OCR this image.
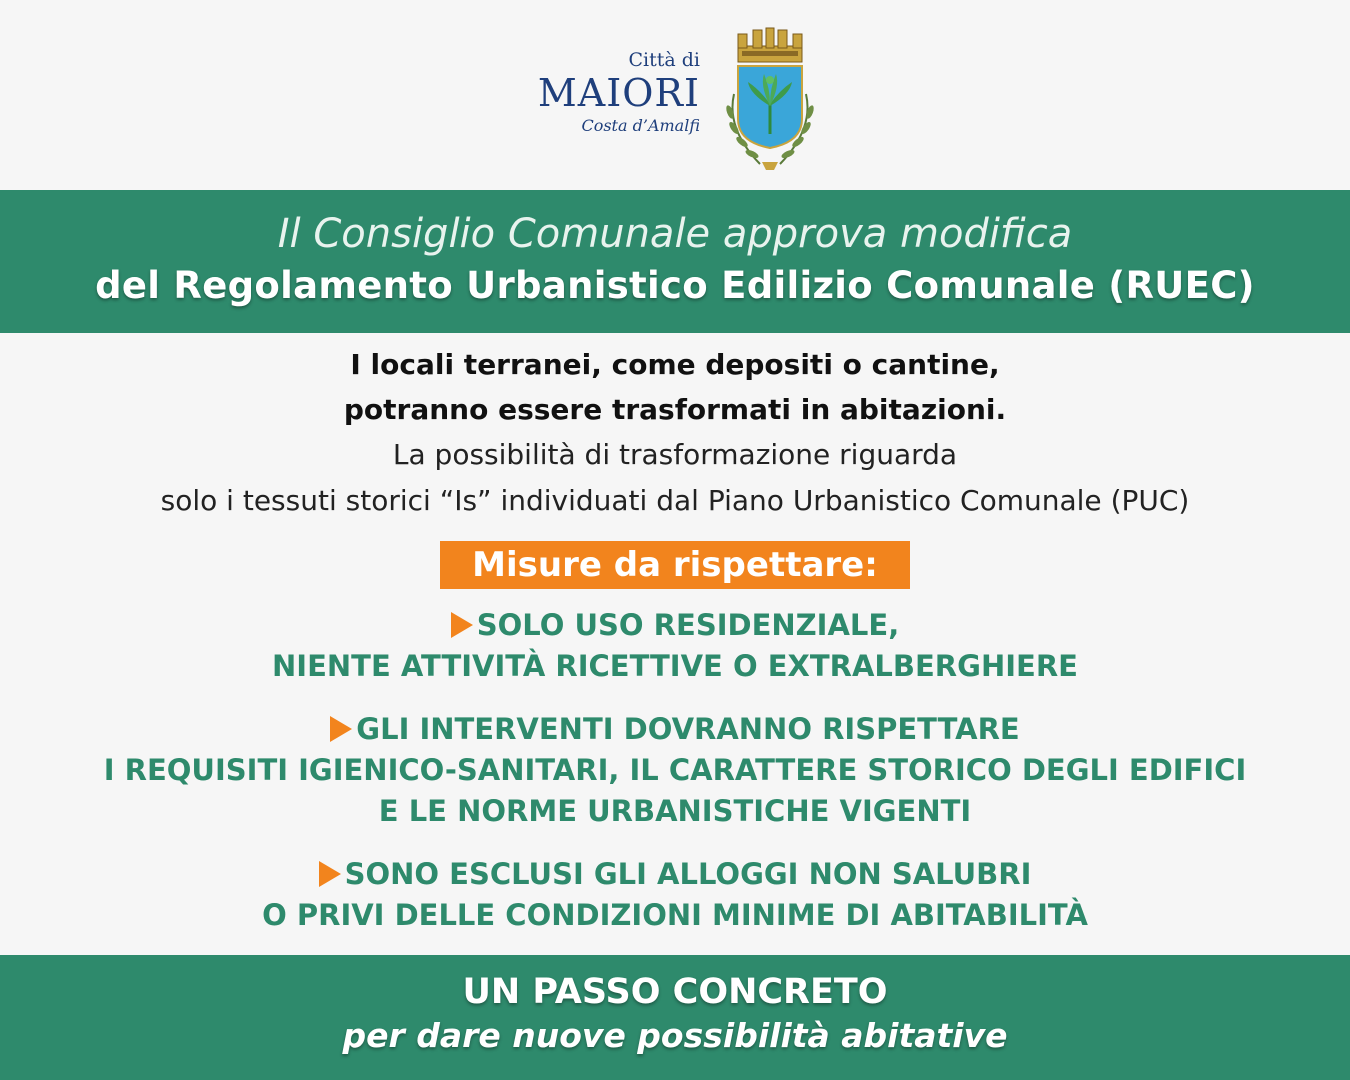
Città di
MAIORI
Costa d’Amalfi
Il Consiglio Comunale approva modifica
del Regolamento Urbanistico Edilizio Comunale (RUEC)
I locali terranei, come depositi o cantine,
potranno essere trasformati in abitazioni.
La possibilità di trasformazione riguarda
solo i tessuti storici “Is” individuati dal Piano Urbanistico Comunale (PUC)
Misure da rispettare:
SOLO USO RESIDENZIALE,
NIENTE ATTIVITÀ RICETTIVE O EXTRALBERGHIERE
GLI INTERVENTI DOVRANNO RISPETTARE
I REQUISITI IGIENICO-SANITARI, IL CARATTERE STORICO DEGLI EDIFICI
E LE NORME URBANISTICHE VIGENTI
SONO ESCLUSI GLI ALLOGGI NON SALUBRI
O PRIVI DELLE CONDIZIONI MINIME DI ABITABILITÀ
UN PASSO CONCRETO
per dare nuove possibilità abitative
